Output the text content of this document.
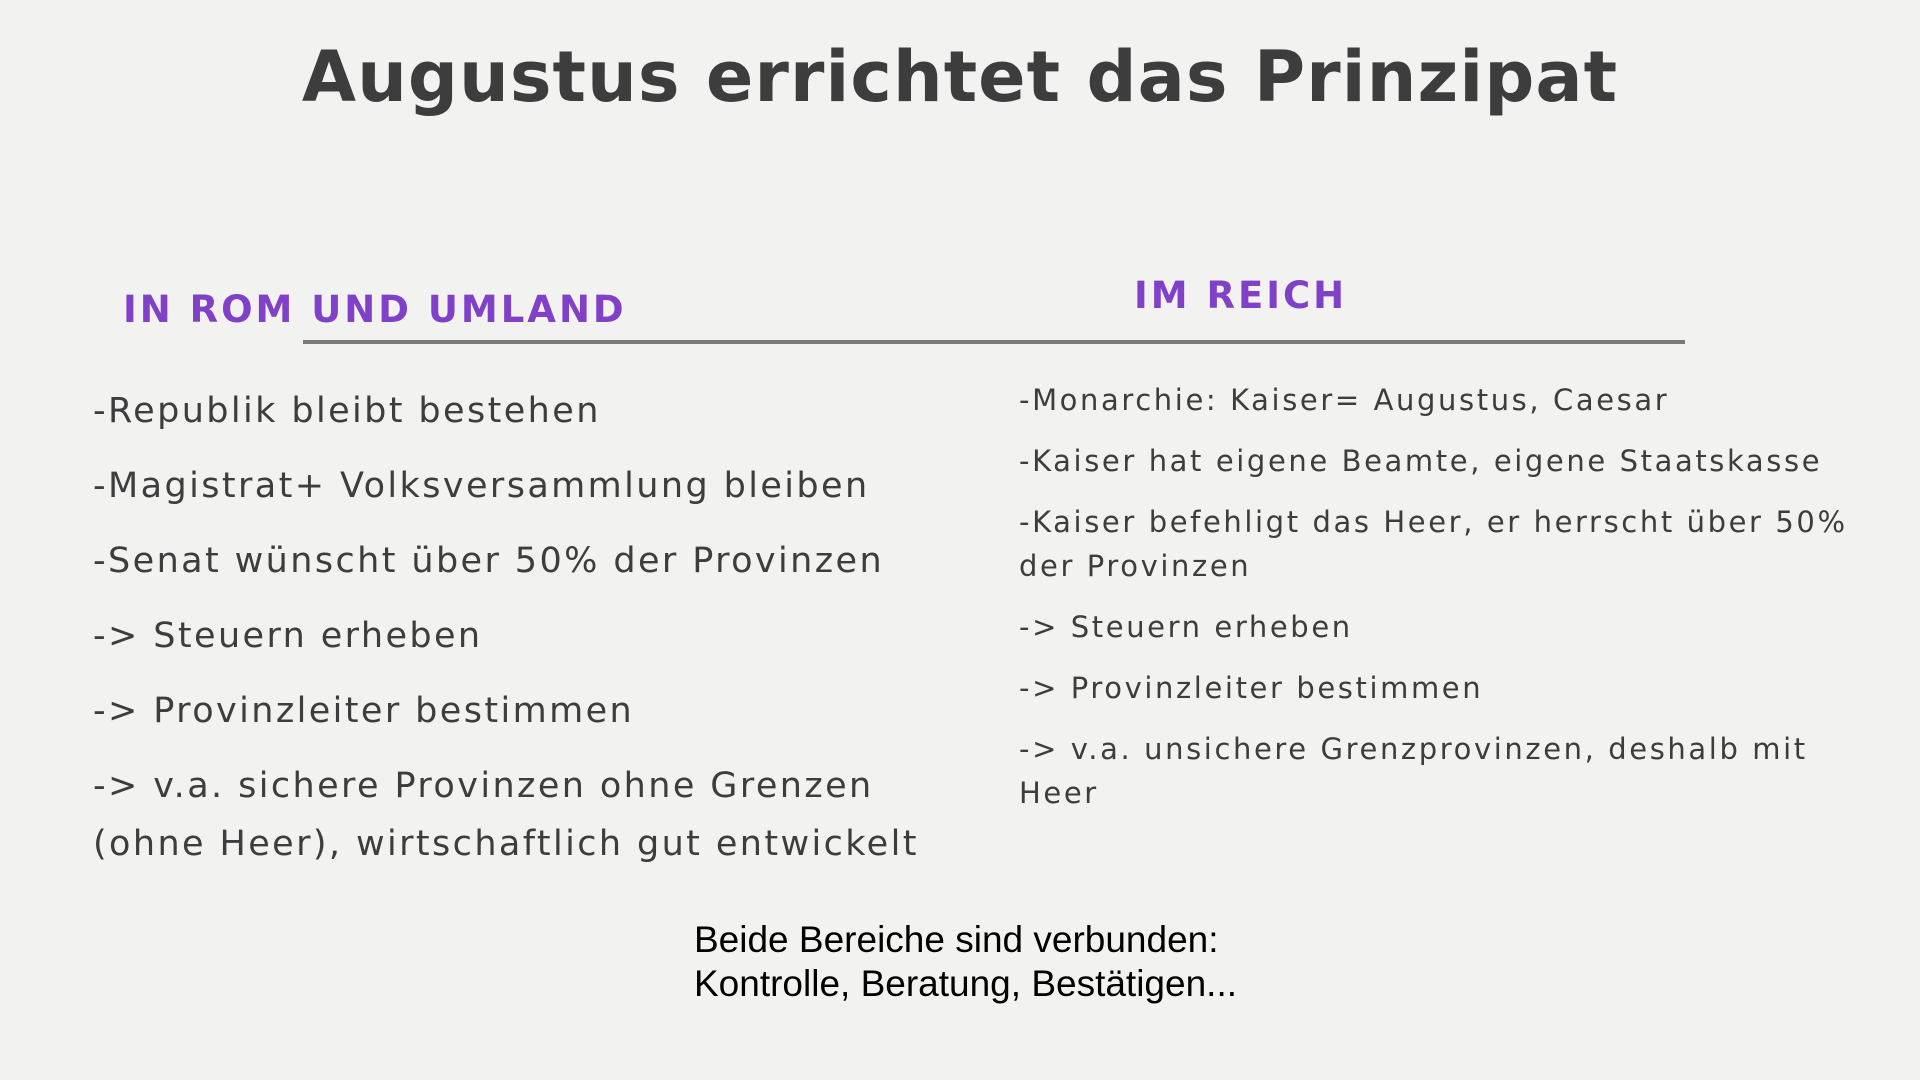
Augustus errichtet das Prinzipat
IN ROM UND UMLAND	IM REICH
-Republik bleibt bestehen
-Magistrat+ Volksversammlung bleiben
-Senat wünscht über 50% der Provinzen
-> Steuern erheben
-> Provinzleiter bestimmen
-> v.a. sichere Provinzen ohne Grenzen (ohne Heer), wirtschaftlich gut entwickelt
-Monarchie: Kaiser= Augustus, Caesar
-Kaiser hat eigene Beamte, eigene Staatskasse
-Kaiser befehligt das Heer, er herrscht über 50% der Provinzen
-> Steuern erheben
-> Provinzleiter bestimmen
-> v.a. unsichere Grenzprovinzen, deshalb mit Heer

Beide Bereiche sind verbunden:
Kontrolle, Beratung, Bestätigen...
